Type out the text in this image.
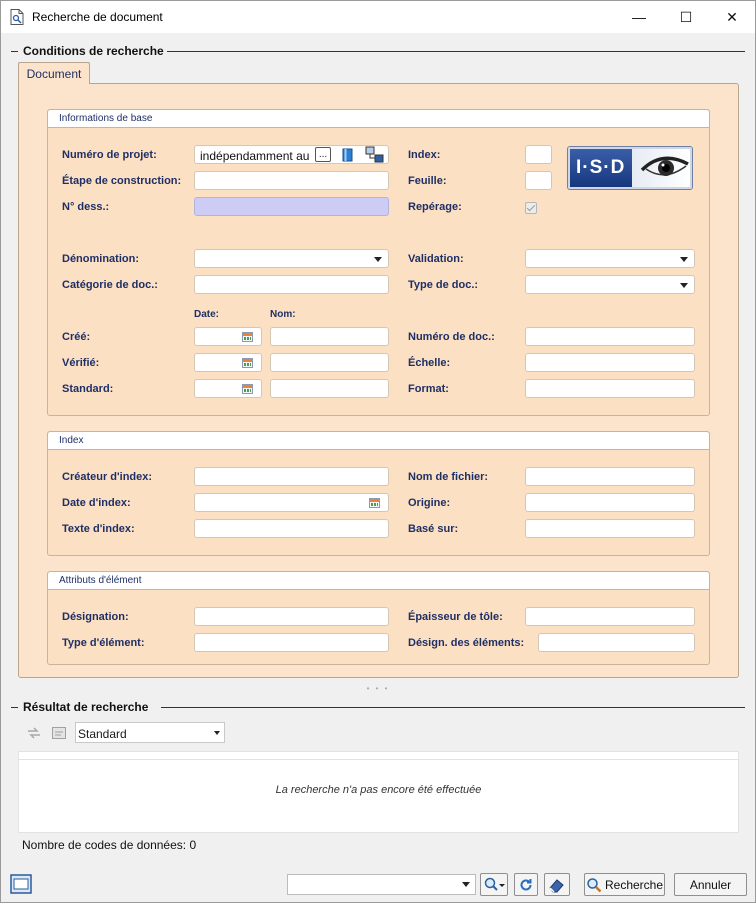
Recherche de document	— ☐ ✕
Conditions de recherche
Document
Informations de base
Numéro de projet:	indépendamment au ...
Étape de construction:
N° dess.:
Index:
Feuille:
Repérage:
I·S·D
Dénomination:
Catégorie de doc.:
Validation:
Type de doc.:
Date:	Nom:
Créé:
Vérifié:
Standard:
Numéro de doc.:
Échelle:
Format:
Index
Créateur d'index:
Date d'index:
Texte d'index:
Nom de fichier:
Origine:
Basé sur:
Attributs d'élément
Désignation:
Type d'élément:
Épaisseur de tôle:
Désign. des éléments:
• • •
Résultat de recherche
Standard
La recherche n'a pas encore été effectuée
Nombre de codes de données: 0
Recherche Annuler
